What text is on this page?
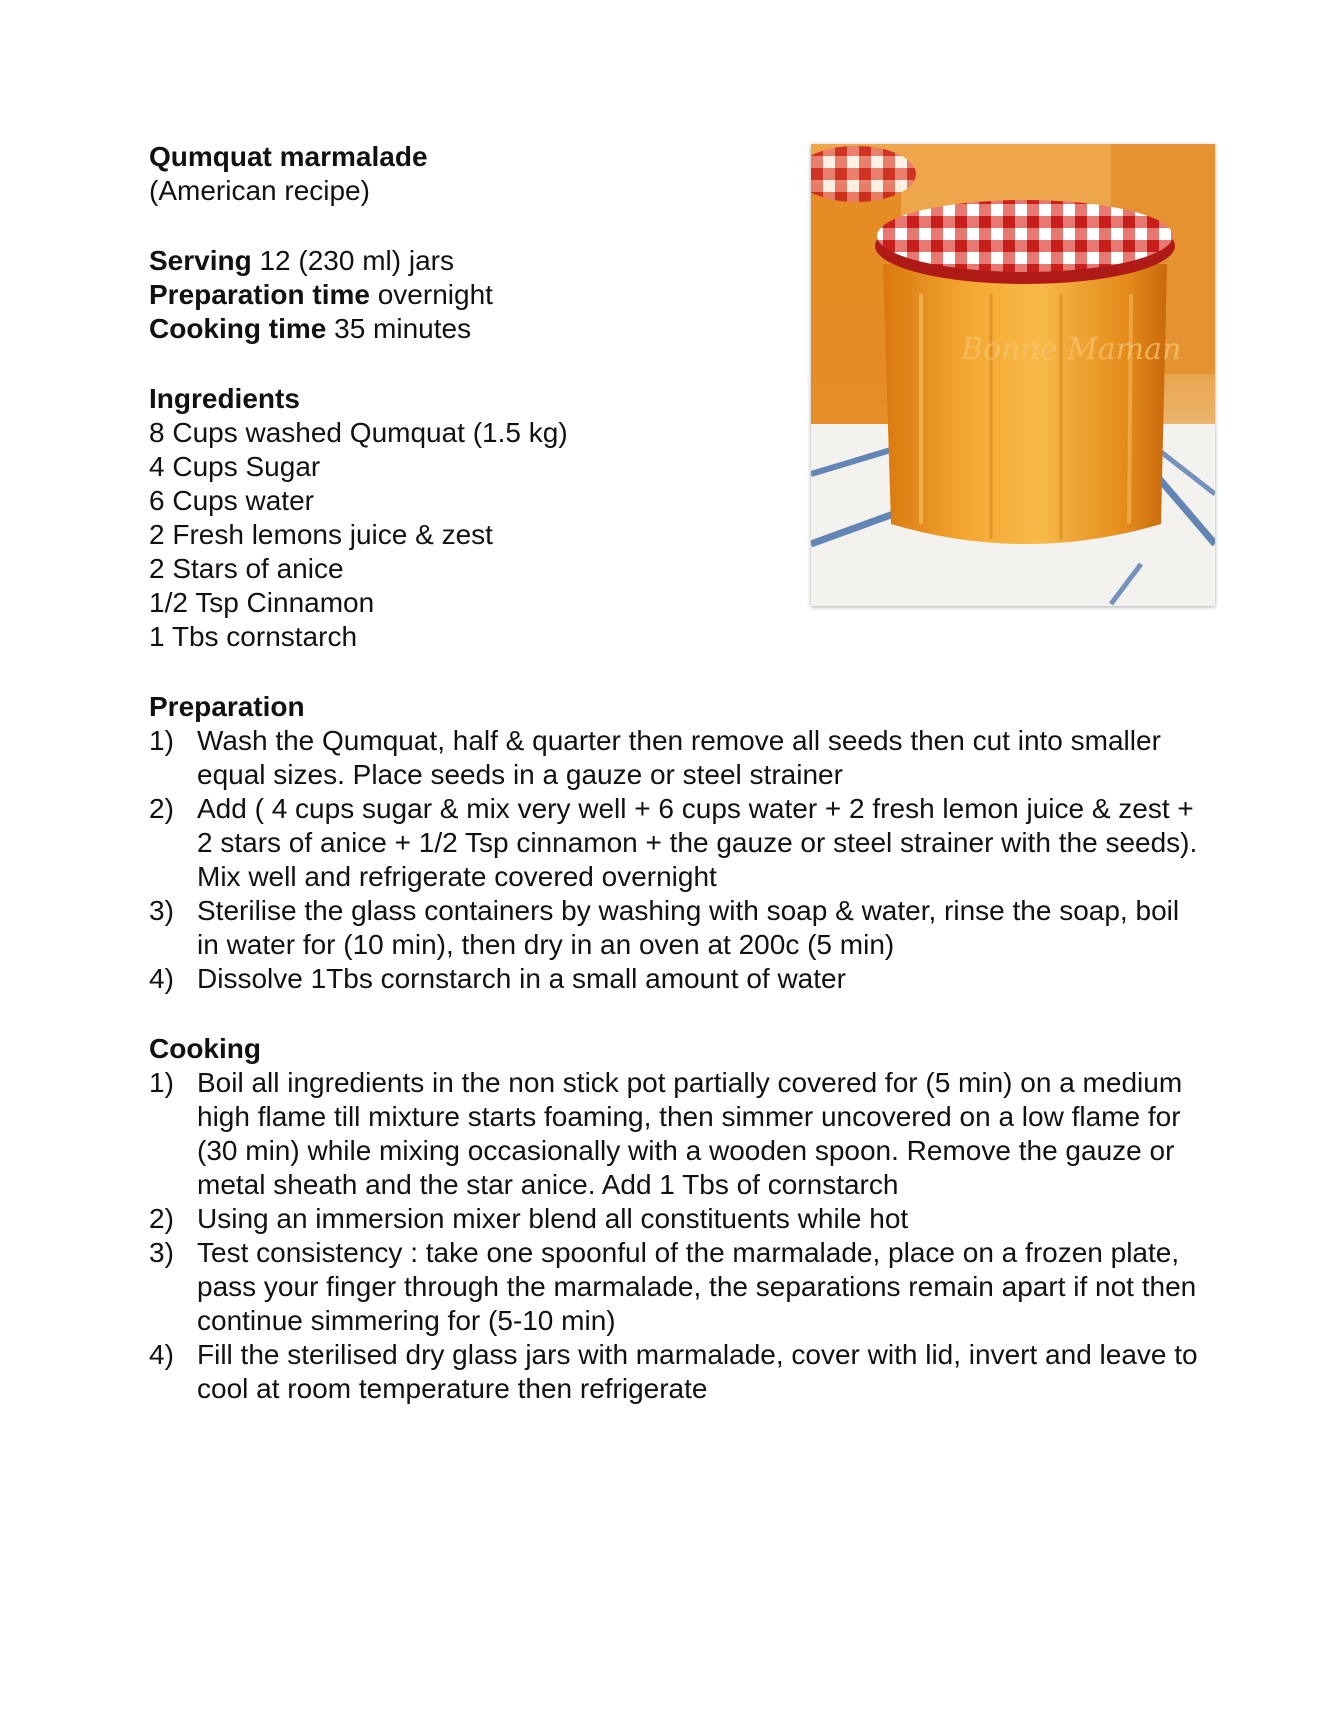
Qumquat marmalade
(American recipe)
Serving 12 (230 ml) jars
Preparation time overnight
Cooking time 35 minutes
Ingredients
8 Cups washed Qumquat (1.5 kg)
4 Cups Sugar
6 Cups water
2 Fresh lemons juice & zest
2 Stars of anice
1/2 Tsp Cinnamon
1 Tbs cornstarch
Preparation
1) Wash the Qumquat, half & quarter then remove all seeds then cut into smaller equal sizes. Place seeds in a gauze or steel strainer
2) Add ( 4 cups sugar & mix very well + 6 cups water + 2 fresh lemon juice & zest + 2 stars of anice + 1/2 Tsp cinnamon + the gauze or steel strainer with the seeds). Mix well and refrigerate covered overnight
3) Sterilise the glass containers by washing with soap & water, rinse the soap, boil in water for (10 min), then dry in an oven at 200c (5 min)
4) Dissolve 1Tbs cornstarch in a small amount of water
Cooking
1) Boil all ingredients in the non stick pot partially covered for (5 min) on a medium high flame till mixture starts foaming, then simmer uncovered on a low flame for (30 min) while mixing occasionally with a wooden spoon. Remove the gauze or metal sheath and the star anice. Add 1 Tbs of cornstarch
2) Using an immersion mixer blend all constituents while hot
3) Test consistency : take one spoonful of the marmalade, place on a frozen plate, pass your finger through the marmalade, the separations remain apart if not then continue simmering for (5-10 min)
4) Fill the sterilised dry glass jars with marmalade, cover with lid, invert and leave to cool at room temperature then refrigerate
Bonne Maman
